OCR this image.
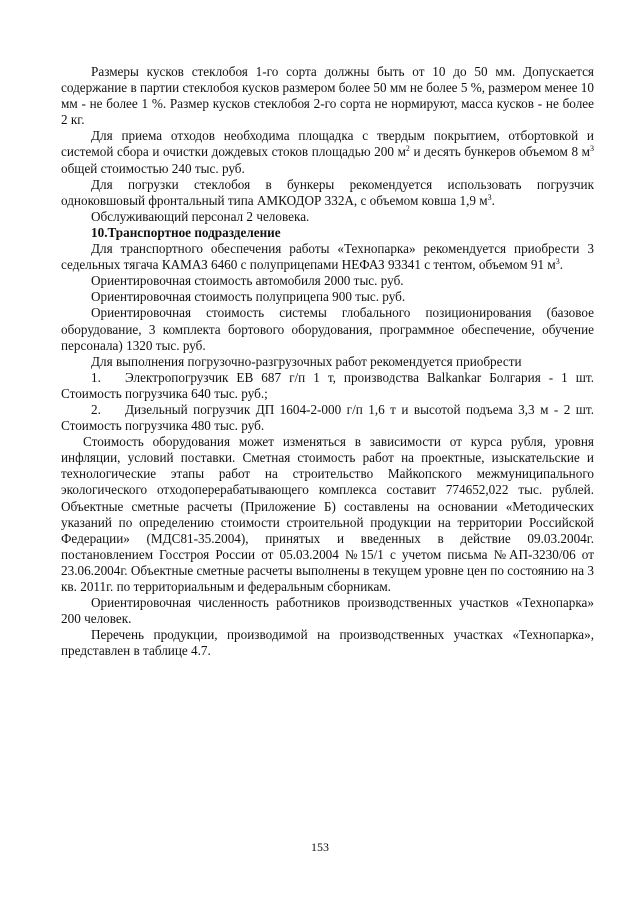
Размеры кусков стеклобоя 1-го сорта должны быть от 10 до 50 мм. Допускается содержание в партии стеклобоя кусков размером более 50 мм не более 5 %, размером менее 10 мм - не более 1 %. Размер кусков стеклобоя 2-го сорта не нормируют, масса кусков - не более 2 кг.

Для приема отходов необходима площадка с твердым покрытием, отбортовкой и системой сбора и очистки дождевых стоков площадью 200 $м^2$ и десять бункеров объемом 8 $м^3$ общей стоимостью 240 тыс. руб.

Для погрузки стеклобоя в бункеры рекомендуется использовать погрузчик одноковшовый фронтальный типа АМКОДОР 332А, с объемом ковша 1,9 $м^3$.

Обслуживающий персонал 2 человека.

10.Транспортное подразделение

Для транспортного обеспечения работы «Технопарка» рекомендуется приобрести 3 седельных тягача КАМАЗ 6460 с полуприцепами НЕФАЗ 93341 с тентом, объемом 91 $м^3$.

Ориентировочная стоимость автомобиля 2000 тыс. руб.

Ориентировочная стоимость полуприцепа 900 тыс. руб.

Ориентировочная стоимость системы глобального позиционирования (базовое оборудование, 3 комплекта бортового оборудования, программное обеспечение, обучение персонала) 1320 тыс. руб.

Для выполнения погрузочно-разгрузочных работ рекомендуется приобрести

1. Электропогрузчик ЕВ 687 г/п 1 т, производства Balkankar Болгария - 1 шт. Стоимость погрузчика 640 тыс. руб.;

2. Дизельный погрузчик ДП 1604-2-000 г/п 1,6 т и высотой подъема 3,3 м - 2 шт. Стоимость погрузчика 480 тыс. руб.

Стоимость оборудования может изменяться в зависимости от курса рубля, уровня инфляции, условий поставки. Сметная стоимость работ на проектные, изыскательские и технологические этапы работ на строительство Майкопского межмуниципального экологического отходоперерабатывающего комплекса составит 774652,022 тыс. рублей. Объектные сметные расчеты (Приложение Б) составлены на основании «Методических указаний по определению стоимости строительной продукции на территории Российской Федерации» (МДС81-35.2004), принятых и введенных в действие 09.03.2004г. постановлением Госстроя России от 05.03.2004 №15/1 с учетом письма №АП-3230/06 от 23.06.2004г. Объектные сметные расчеты выполнены в текущем уровне цен по состоянию на 3 кв. 2011г. по территориальным и федеральным сборникам.

Ориентировочная численность работников производственных участков «Технопарка» 200 человек.

Перечень продукции, производимой на производственных участках «Технопарка», представлен в таблице 4.7.

153
